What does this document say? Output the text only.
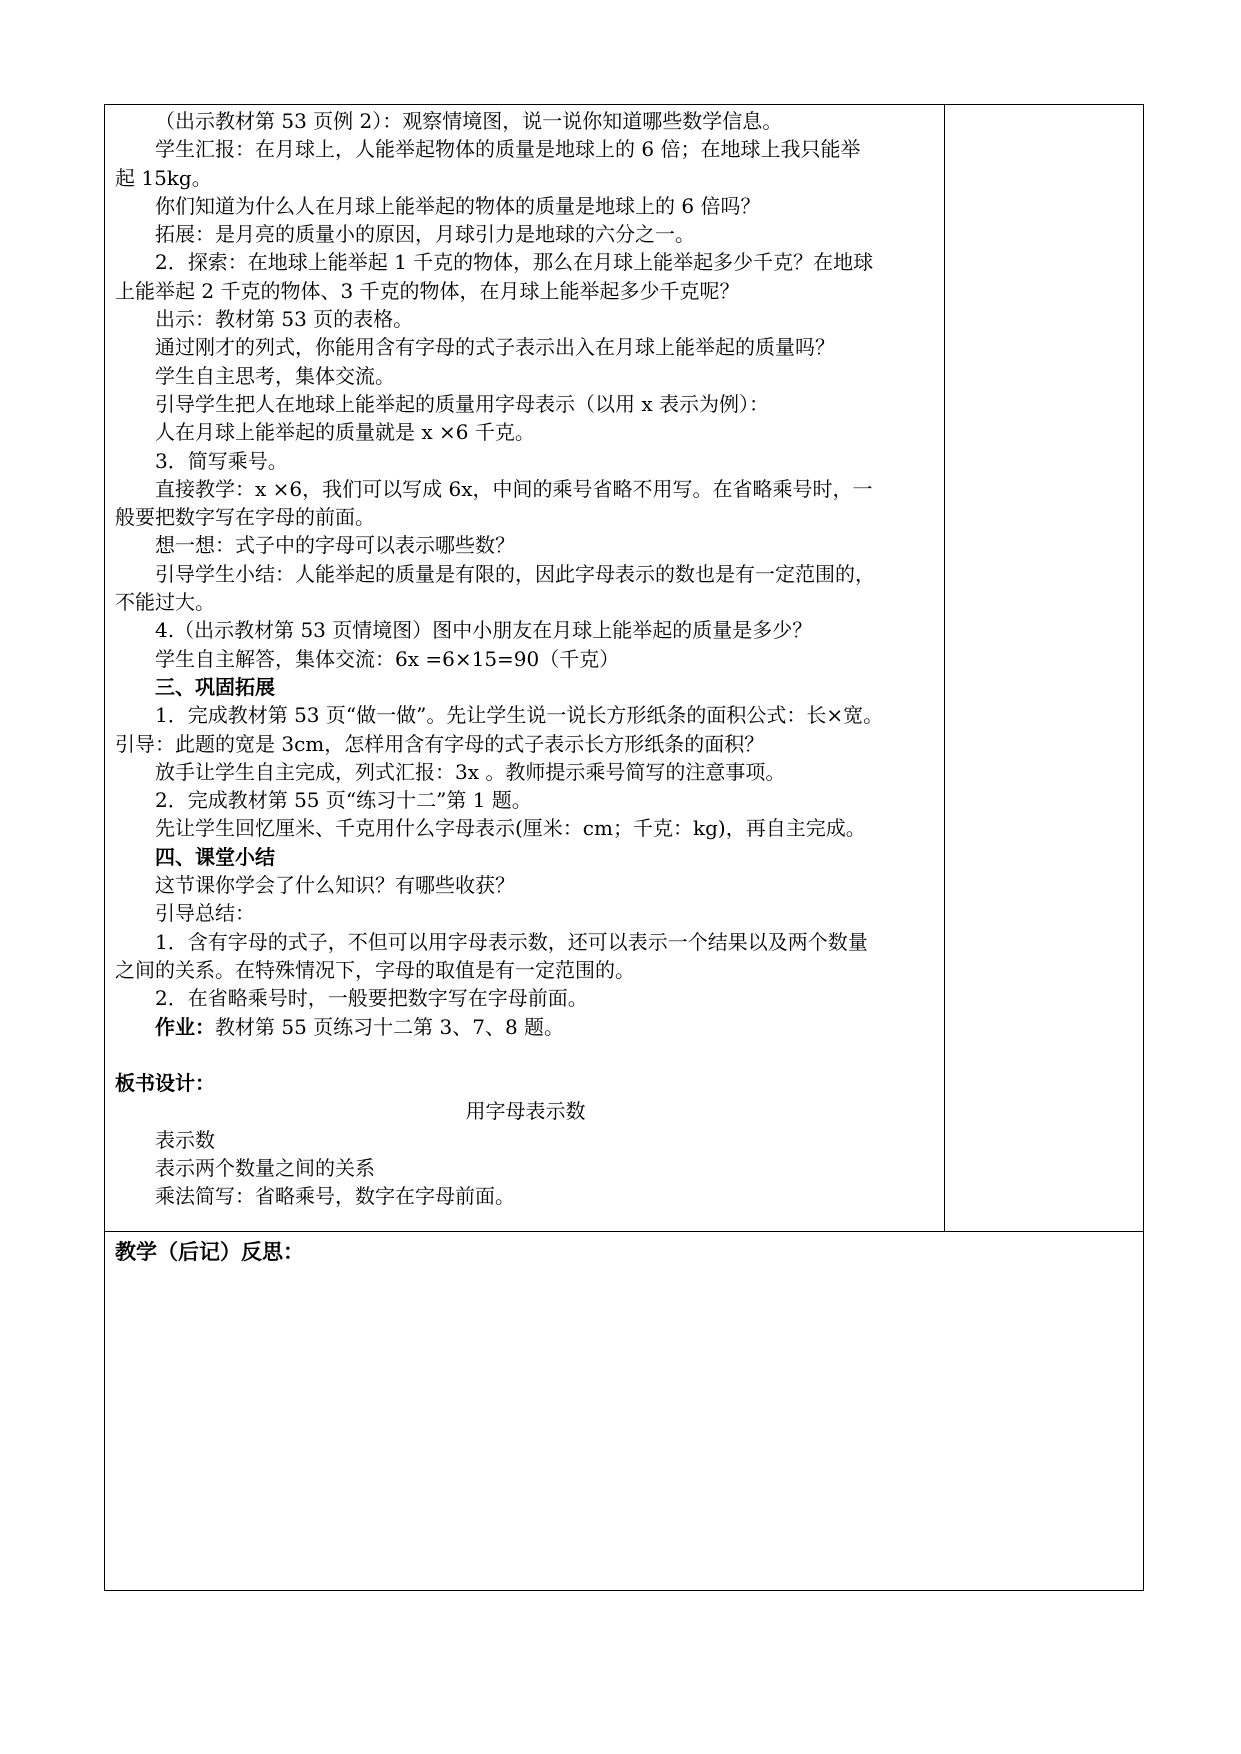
（出示教材第 53 页例 2）：观察情境图，说一说你知道哪些数学信息。
学生汇报：在月球上，人能举起物体的质量是地球上的 6 倍；在地球上我只能举
起 15kg。
你们知道为什么人在月球上能举起的物体的质量是地球上的 6 倍吗？
拓展：是月亮的质量小的原因，月球引力是地球的六分之一。
2．探索：在地球上能举起 1 千克的物体，那么在月球上能举起多少千克？在地球
上能举起 2 千克的物体、3 千克的物体，在月球上能举起多少千克呢？
出示：教材第 53 页的表格。
通过刚才的列式，你能用含有字母的式子表示出入在月球上能举起的质量吗？
学生自主思考，集体交流。
引导学生把人在地球上能举起的质量用字母表示（以用 x 表示为例）：
人在月球上能举起的质量就是 x ×6 千克。
3．简写乘号。
直接教学：x ×6，我们可以写成 6x，中间的乘号省略不用写。在省略乘号时，一
般要把数字写在字母的前面。
想一想：式子中的字母可以表示哪些数？
引导学生小结：人能举起的质量是有限的，因此字母表示的数也是有一定范围的，
不能过大。
4.（出示教材第 53 页情境图）图中小朋友在月球上能举起的质量是多少？
学生自主解答，集体交流：6x =6×15=90（千克）
三、巩固拓展
1．完成教材第 53 页“做一做”。先让学生说一说长方形纸条的面积公式：长×宽。
引导：此题的宽是 3cm，怎样用含有字母的式子表示长方形纸条的面积？
放手让学生自主完成，列式汇报：3x 。教师提示乘号简写的注意事项。
2．完成教材第 55 页“练习十二”第 1 题。
先让学生回忆厘米、千克用什么字母表示(厘米：cm；千克：kg)，再自主完成。
四、课堂小结
这节课你学会了什么知识？有哪些收获？
引导总结：
1．含有字母的式子，不但可以用字母表示数，还可以表示一个结果以及两个数量
之间的关系。在特殊情况下，字母的取值是有一定范围的。
2．在省略乘号时，一般要把数字写在字母前面。
作业：教材第 55 页练习十二第 3、7、8 题。
板书设计：
用字母表示数
表示数
表示两个数量之间的关系
乘法简写：省略乘号，数字在字母前面。
教学（后记）反思：
